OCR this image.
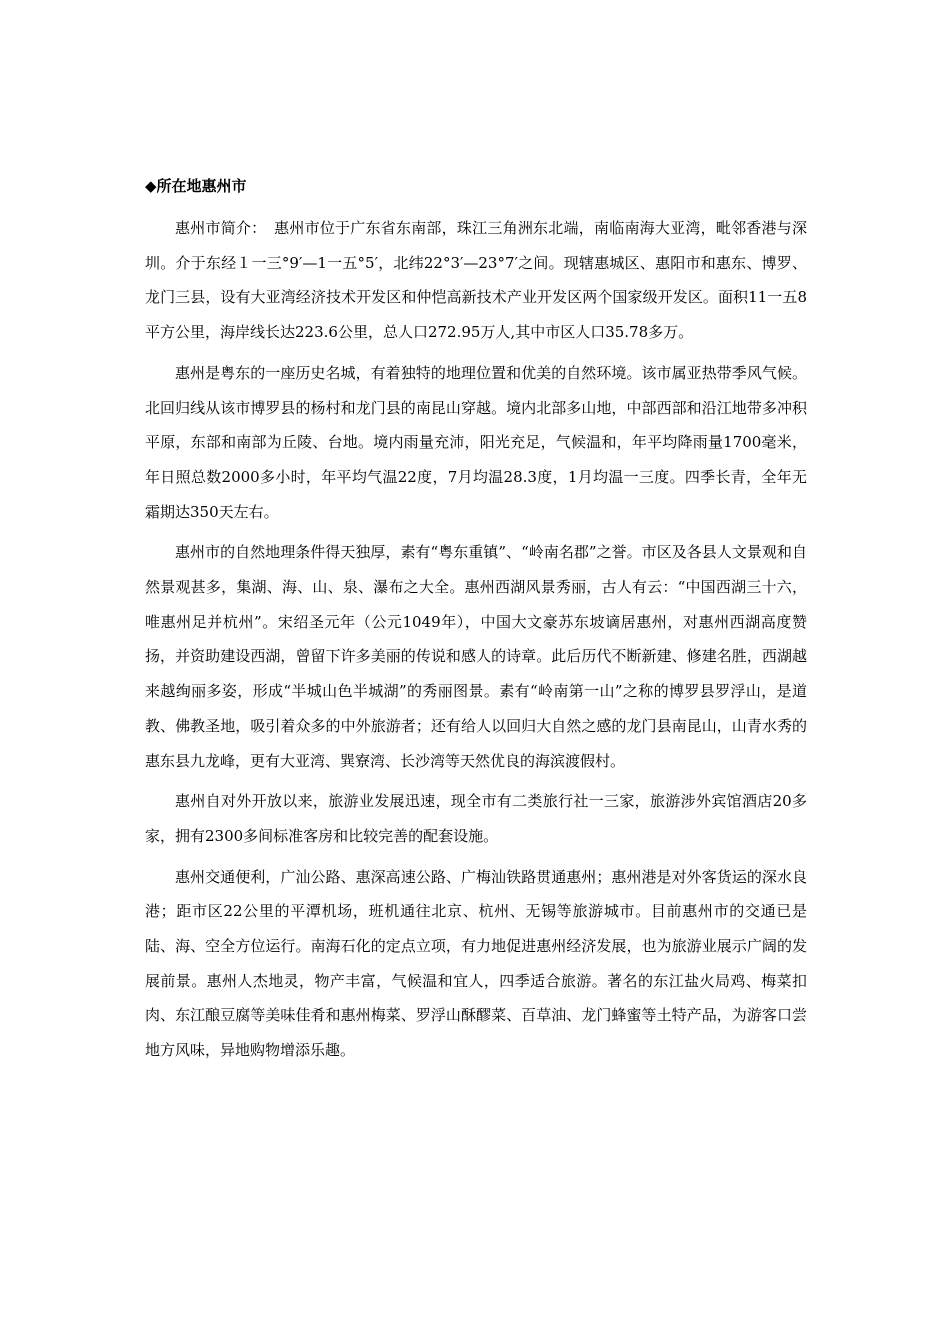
◆所在地惠州市

惠州市简介：　惠州市位于广东省东南部，珠江三角洲东北端，南临南海大亚湾，毗邻香港与深圳。介于东经１一三°9′—1一五°5′，北纬22°3′—23°7′之间。现辖惠城区、惠阳市和惠东、博罗、龙门三县，设有大亚湾经济技术开发区和仲恺高新技术产业开发区两个国家级开发区。面积11一五8平方公里，海岸线长达223.6公里，总人口272.95万人,其中市区人口35.78多万。

惠州是粤东的一座历史名城，有着独特的地理位置和优美的自然环境。该市属亚热带季风气候。北回归线从该市博罗县的杨村和龙门县的南昆山穿越。境内北部多山地，中部西部和沿江地带多冲积平原，东部和南部为丘陵、台地。境内雨量充沛，阳光充足，气候温和，年平均降雨量1700毫米，年日照总数2000多小时，年平均气温22度，7月均温28.3度，1月均温一三度。四季长青，全年无霜期达350天左右。

惠州市的自然地理条件得天独厚，素有“粤东重镇”、“岭南名郡”之誉。市区及各县人文景观和自然景观甚多，集湖、海、山、泉、瀑布之大全。惠州西湖风景秀丽，古人有云：“中国西湖三十六，唯惠州足并杭州”。宋绍圣元年（公元1049年），中国大文豪苏东坡谪居惠州，对惠州西湖高度赞扬，并资助建设西湖，曾留下许多美丽的传说和感人的诗章。此后历代不断新建、修建名胜，西湖越来越绚丽多姿，形成“半城山色半城湖”的秀丽图景。素有“岭南第一山”之称的博罗县罗浮山，是道教、佛教圣地，吸引着众多的中外旅游者；还有给人以回归大自然之感的龙门县南昆山，山青水秀的惠东县九龙峰，更有大亚湾、巽寮湾、长沙湾等天然优良的海滨渡假村。

惠州自对外开放以来，旅游业发展迅速，现全市有二类旅行社一三家，旅游涉外宾馆酒店20多家，拥有2300多间标准客房和比较完善的配套设施。

惠州交通便利，广汕公路、惠深高速公路、广梅汕铁路贯通惠州；惠州港是对外客货运的深水良港；距市区22公里的平潭机场，班机通往北京、杭州、无锡等旅游城市。目前惠州市的交通已是陆、海、空全方位运行。南海石化的定点立项，有力地促进惠州经济发展，也为旅游业展示广阔的发展前景。惠州人杰地灵，物产丰富，气候温和宜人，四季适合旅游。著名的东江盐火局鸡、梅菜扣肉、东江酿豆腐等美味佳肴和惠州梅菜、罗浮山酥醪菜、百草油、龙门蜂蜜等土特产品，为游客口尝地方风味，异地购物增添乐趣。
